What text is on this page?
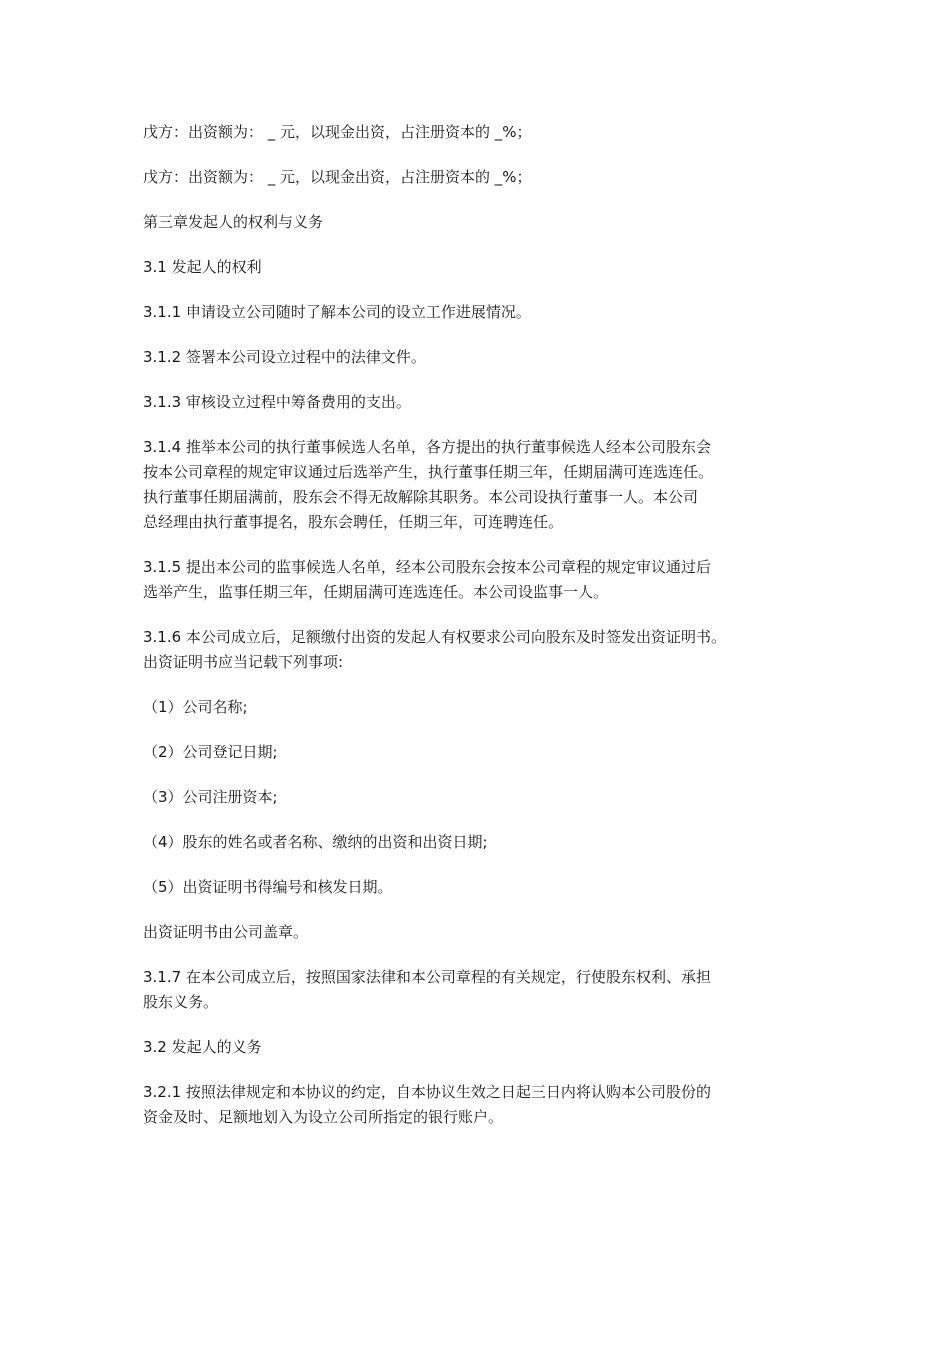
戊方：出资额为： _ 元，以现金出资，占注册资本的 _%；

戊方：出资额为： _ 元，以现金出资，占注册资本的 _%；

第三章发起人的权利与义务

3.1 发起人的权利

3.1.1 申请设立公司随时了解本公司的设立工作进展情况。

3.1.2 签署本公司设立过程中的法律文件。

3.1.3 审核设立过程中筹备费用的支出。

3.1.4 推举本公司的执行董事候选人名单，各方提出的执行董事候选人经本公司股东会
按本公司章程的规定审议通过后选举产生，执行董事任期三年，任期届满可连选连任。
执行董事任期届满前，股东会不得无故解除其职务。本公司设执行董事一人。本公司
总经理由执行董事提名，股东会聘任，任期三年，可连聘连任。

3.1.5 提出本公司的监事候选人名单，经本公司股东会按本公司章程的规定审议通过后
选举产生，监事任期三年，任期届满可连选连任。本公司设监事一人。

3.1.6 本公司成立后，足额缴付出资的发起人有权要求公司向股东及时签发出资证明书。
出资证明书应当记载下列事项:

（1）公司名称;

（2）公司登记日期;

（3）公司注册资本;

（4）股东的姓名或者名称、缴纳的出资和出资日期;

（5）出资证明书得编号和核发日期。

出资证明书由公司盖章。

3.1.7 在本公司成立后，按照国家法律和本公司章程的有关规定，行使股东权利、承担
股东义务。

3.2 发起人的义务

3.2.1 按照法律规定和本协议的约定，自本协议生效之日起三日内将认购本公司股份的
资金及时、足额地划入为设立公司所指定的银行账户。
